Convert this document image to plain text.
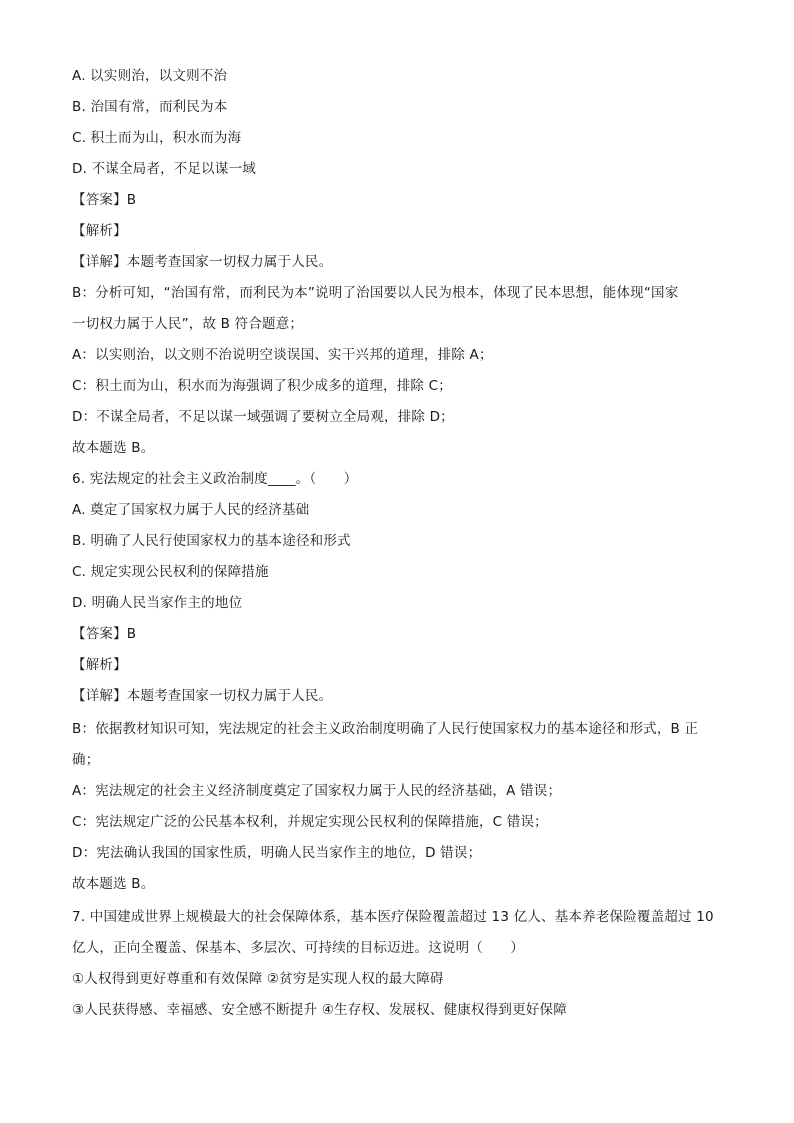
A. 以实则治，以文则不治
B. 治国有常，而利民为本
C. 积土而为山，积水而为海
D. 不谋全局者，不足以谋一域
【答案】B
【解析】
【详解】本题考查国家一切权力属于人民。
B：分析可知，“治国有常，而利民为本”说明了治国要以人民为根本，体现了民本思想，能体现“国家
一切权力属于人民”，故 B 符合题意；
A：以实则治，以文则不治说明空谈误国、实干兴邦的道理，排除 A；
C：积土而为山，积水而为海强调了积少成多的道理，排除 C；
D：不谋全局者，不足以谋一域强调了要树立全局观，排除 D；
故本题选 B。
6. 宪法规定的社会主义政治制度____。（　　）
A. 奠定了国家权力属于人民的经济基础
B. 明确了人民行使国家权力的基本途径和形式
C. 规定实现公民权利的保障措施
D. 明确人民当家作主的地位
【答案】B
【解析】
【详解】本题考查国家一切权力属于人民。
B：依据教材知识可知，宪法规定的社会主义政治制度明确了人民行使国家权力的基本途径和形式，B 正
确；
A：宪法规定的社会主义经济制度奠定了国家权力属于人民的经济基础，A 错误；
C：宪法规定广泛的公民基本权利，并规定实现公民权利的保障措施，C 错误；
D：宪法确认我国的国家性质，明确人民当家作主的地位，D 错误；
故本题选 B。
7. 中国建成世界上规模最大的社会保障体系，基本医疗保险覆盖超过 13 亿人、基本养老保险覆盖超过 10
亿人，正向全覆盖、保基本、多层次、可持续的目标迈进。这说明（　　）
①人权得到更好尊重和有效保障 ②贫穷是实现人权的最大障碍
③人民获得感、幸福感、安全感不断提升 ④生存权、发展权、健康权得到更好保障
